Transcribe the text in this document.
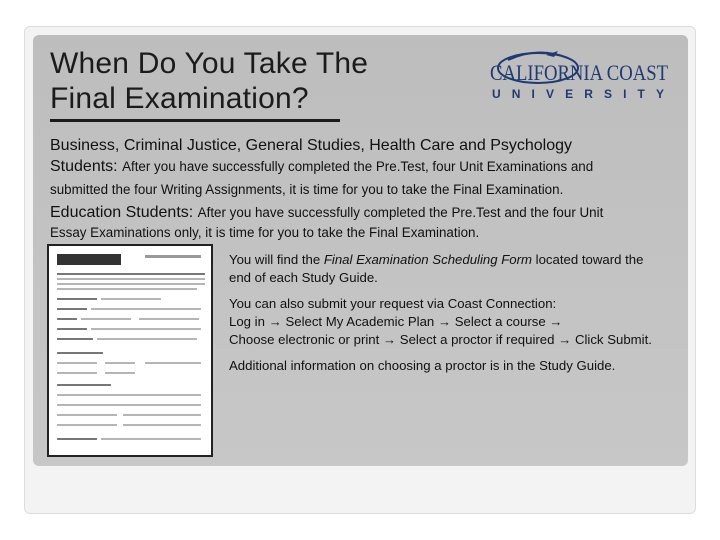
When Do You Take The
Final Examination?
CALIFORNIA COAST
UNIVERSITY
Business, Criminal Justice, General Studies, Health Care and Psychology
Students: After you have successfully completed the Pre.Test, four Unit Examinations and
submitted the four Writing Assignments, it is time for you to take the Final Examination.
Education Students: After you have successfully completed the Pre.Test and the four Unit
Essay Examinations only, it is time for you to take the Final Examination.

You will find the Final Examination Scheduling Form located toward the
end of each Study Guide.

You can also submit your request via Coast Connection:
Log in → Select My Academic Plan → Select a course →
Choose electronic or print → Select a proctor if required → Click Submit.

Additional information on choosing a proctor is in the Study Guide.
